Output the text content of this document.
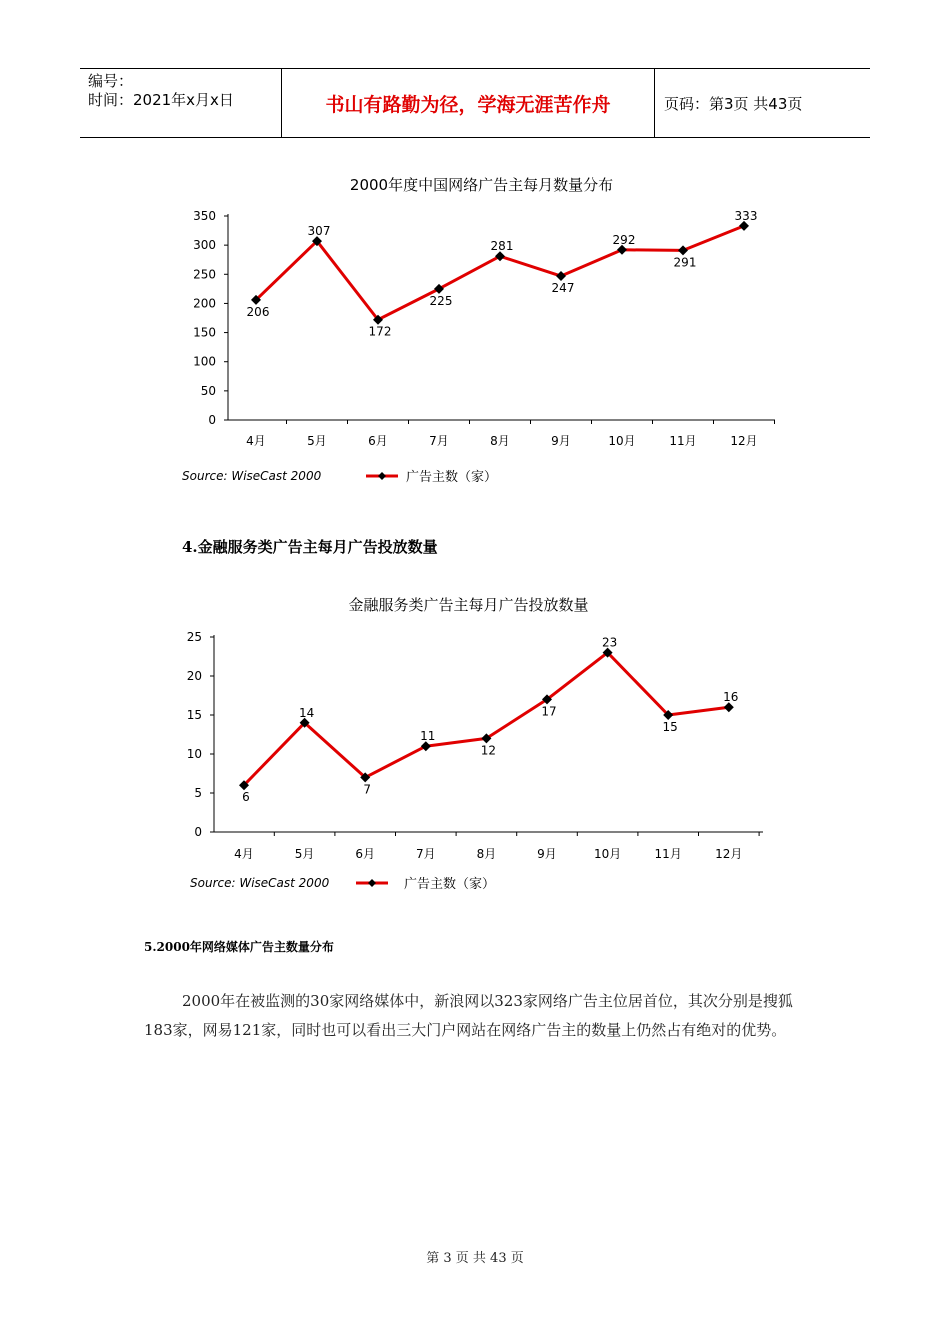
编号：
时间：2021年x月x日	书山有路勤为径，学海无涯苦作舟	页码：第3页 共43页
2000年度中国网络广告主每月数量分布
0
50
100
150
200
250
300
350
4月	5月	6月	7月	8月	9月	10月	11月	12月
206
307
172
225
281
247
292
291
333
Source: WiseCast 2000	广告主数（家）
4.金融服务类广告主每月广告投放数量
金融服务类广告主每月广告投放数量
0
5
10
15
20
25
4月	5月	6月	7月	8月	9月	10月	11月	12月
6
14
7
11
12
17
23
15
16
Source: WiseCast 2000	广告主数（家）
5.2000年网络媒体广告主数量分布
2000年在被监测的30家网络媒体中，新浪网以323家网络广告主位居首位，其次分别是搜狐183家，网易121家，同时也可以看出三大门户网站在网络广告主的数量上仍然占有绝对的优势。
第 3 页 共 43 页
